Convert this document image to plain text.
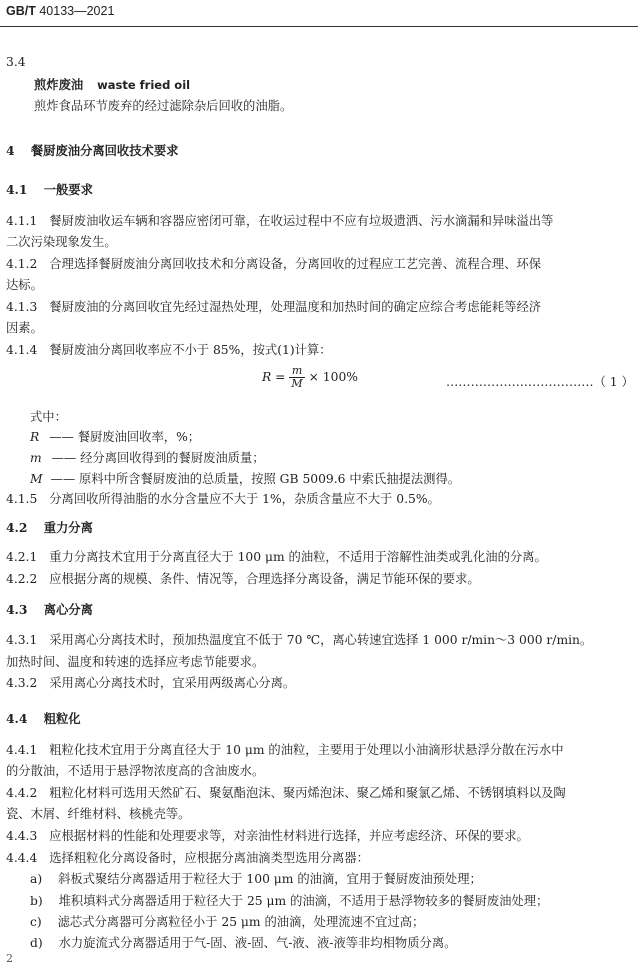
GB/T 40133—2021
3.4
煎炸废油 waste fried oil
煎炸食品环节废弃的经过滤除杂后回收的油脂。
4 餐厨废油分离回收技术要求
4.1 一般要求
4.1.1 餐厨废油收运车辆和容器应密闭可靠，在收运过程中不应有垃圾遗洒、污水滴漏和异味溢出等
二次污染现象发生。
4.1.2 合理选择餐厨废油分离回收技术和分离设备，分离回收的过程应工艺完善、流程合理、环保
达标。
4.1.3 餐厨废油的分离回收宜先经过湿热处理，处理温度和加热时间的确定应综合考虑能耗等经济
因素。
4.1.4 餐厨废油分离回收率应不小于 85%，按式(1)计算：
$R = \frac{m}{M} \times 100\%$	………………………………（ 1 ）
式中：
R —— 餐厨废油回收率，%；
m —— 经分离回收得到的餐厨废油质量；
M —— 原料中所含餐厨废油的总质量，按照 GB 5009.6 中索氏抽提法测得。
4.1.5 分离回收所得油脂的水分含量应不大于 1%，杂质含量应不大于 0.5%。
4.2 重力分离
4.2.1 重力分离技术宜用于分离直径大于 100 μm 的油粒，不适用于溶解性油类或乳化油的分离。
4.2.2 应根据分离的规模、条件、情况等，合理选择分离设备，满足节能环保的要求。
4.3 离心分离
4.3.1 采用离心分离技术时，预加热温度宜不低于 70 ℃，离心转速宜选择 1 000 r/min～3 000 r/min。
加热时间、温度和转速的选择应考虑节能要求。
4.3.2 采用离心分离技术时，宜采用两级离心分离。
4.4 粗粒化
4.4.1 粗粒化技术宜用于分离直径大于 10 μm 的油粒，主要用于处理以小油滴形状悬浮分散在污水中
的分散油，不适用于悬浮物浓度高的含油废水。
4.4.2 粗粒化材料可选用天然矿石、聚氨酯泡沫、聚丙烯泡沫、聚乙烯和聚氯乙烯、不锈钢填料以及陶
瓷、木屑、纤维材料、核桃壳等。
4.4.3 应根据材料的性能和处理要求等，对亲油性材料进行选择，并应考虑经济、环保的要求。
4.4.4 选择粗粒化分离设备时，应根据分离油滴类型选用分离器：
a) 斜板式聚结分离器适用于粒径大于 100 μm 的油滴，宜用于餐厨废油预处理；
b) 堆积填料式分离器适用于粒径大于 25 μm 的油滴，不适用于悬浮物较多的餐厨废油处理；
c) 滤芯式分离器可分离粒径小于 25 μm 的油滴，处理流速不宜过高；
d) 水力旋流式分离器适用于气-固、液-固、气-液、液-液等非均相物质分离。
2
